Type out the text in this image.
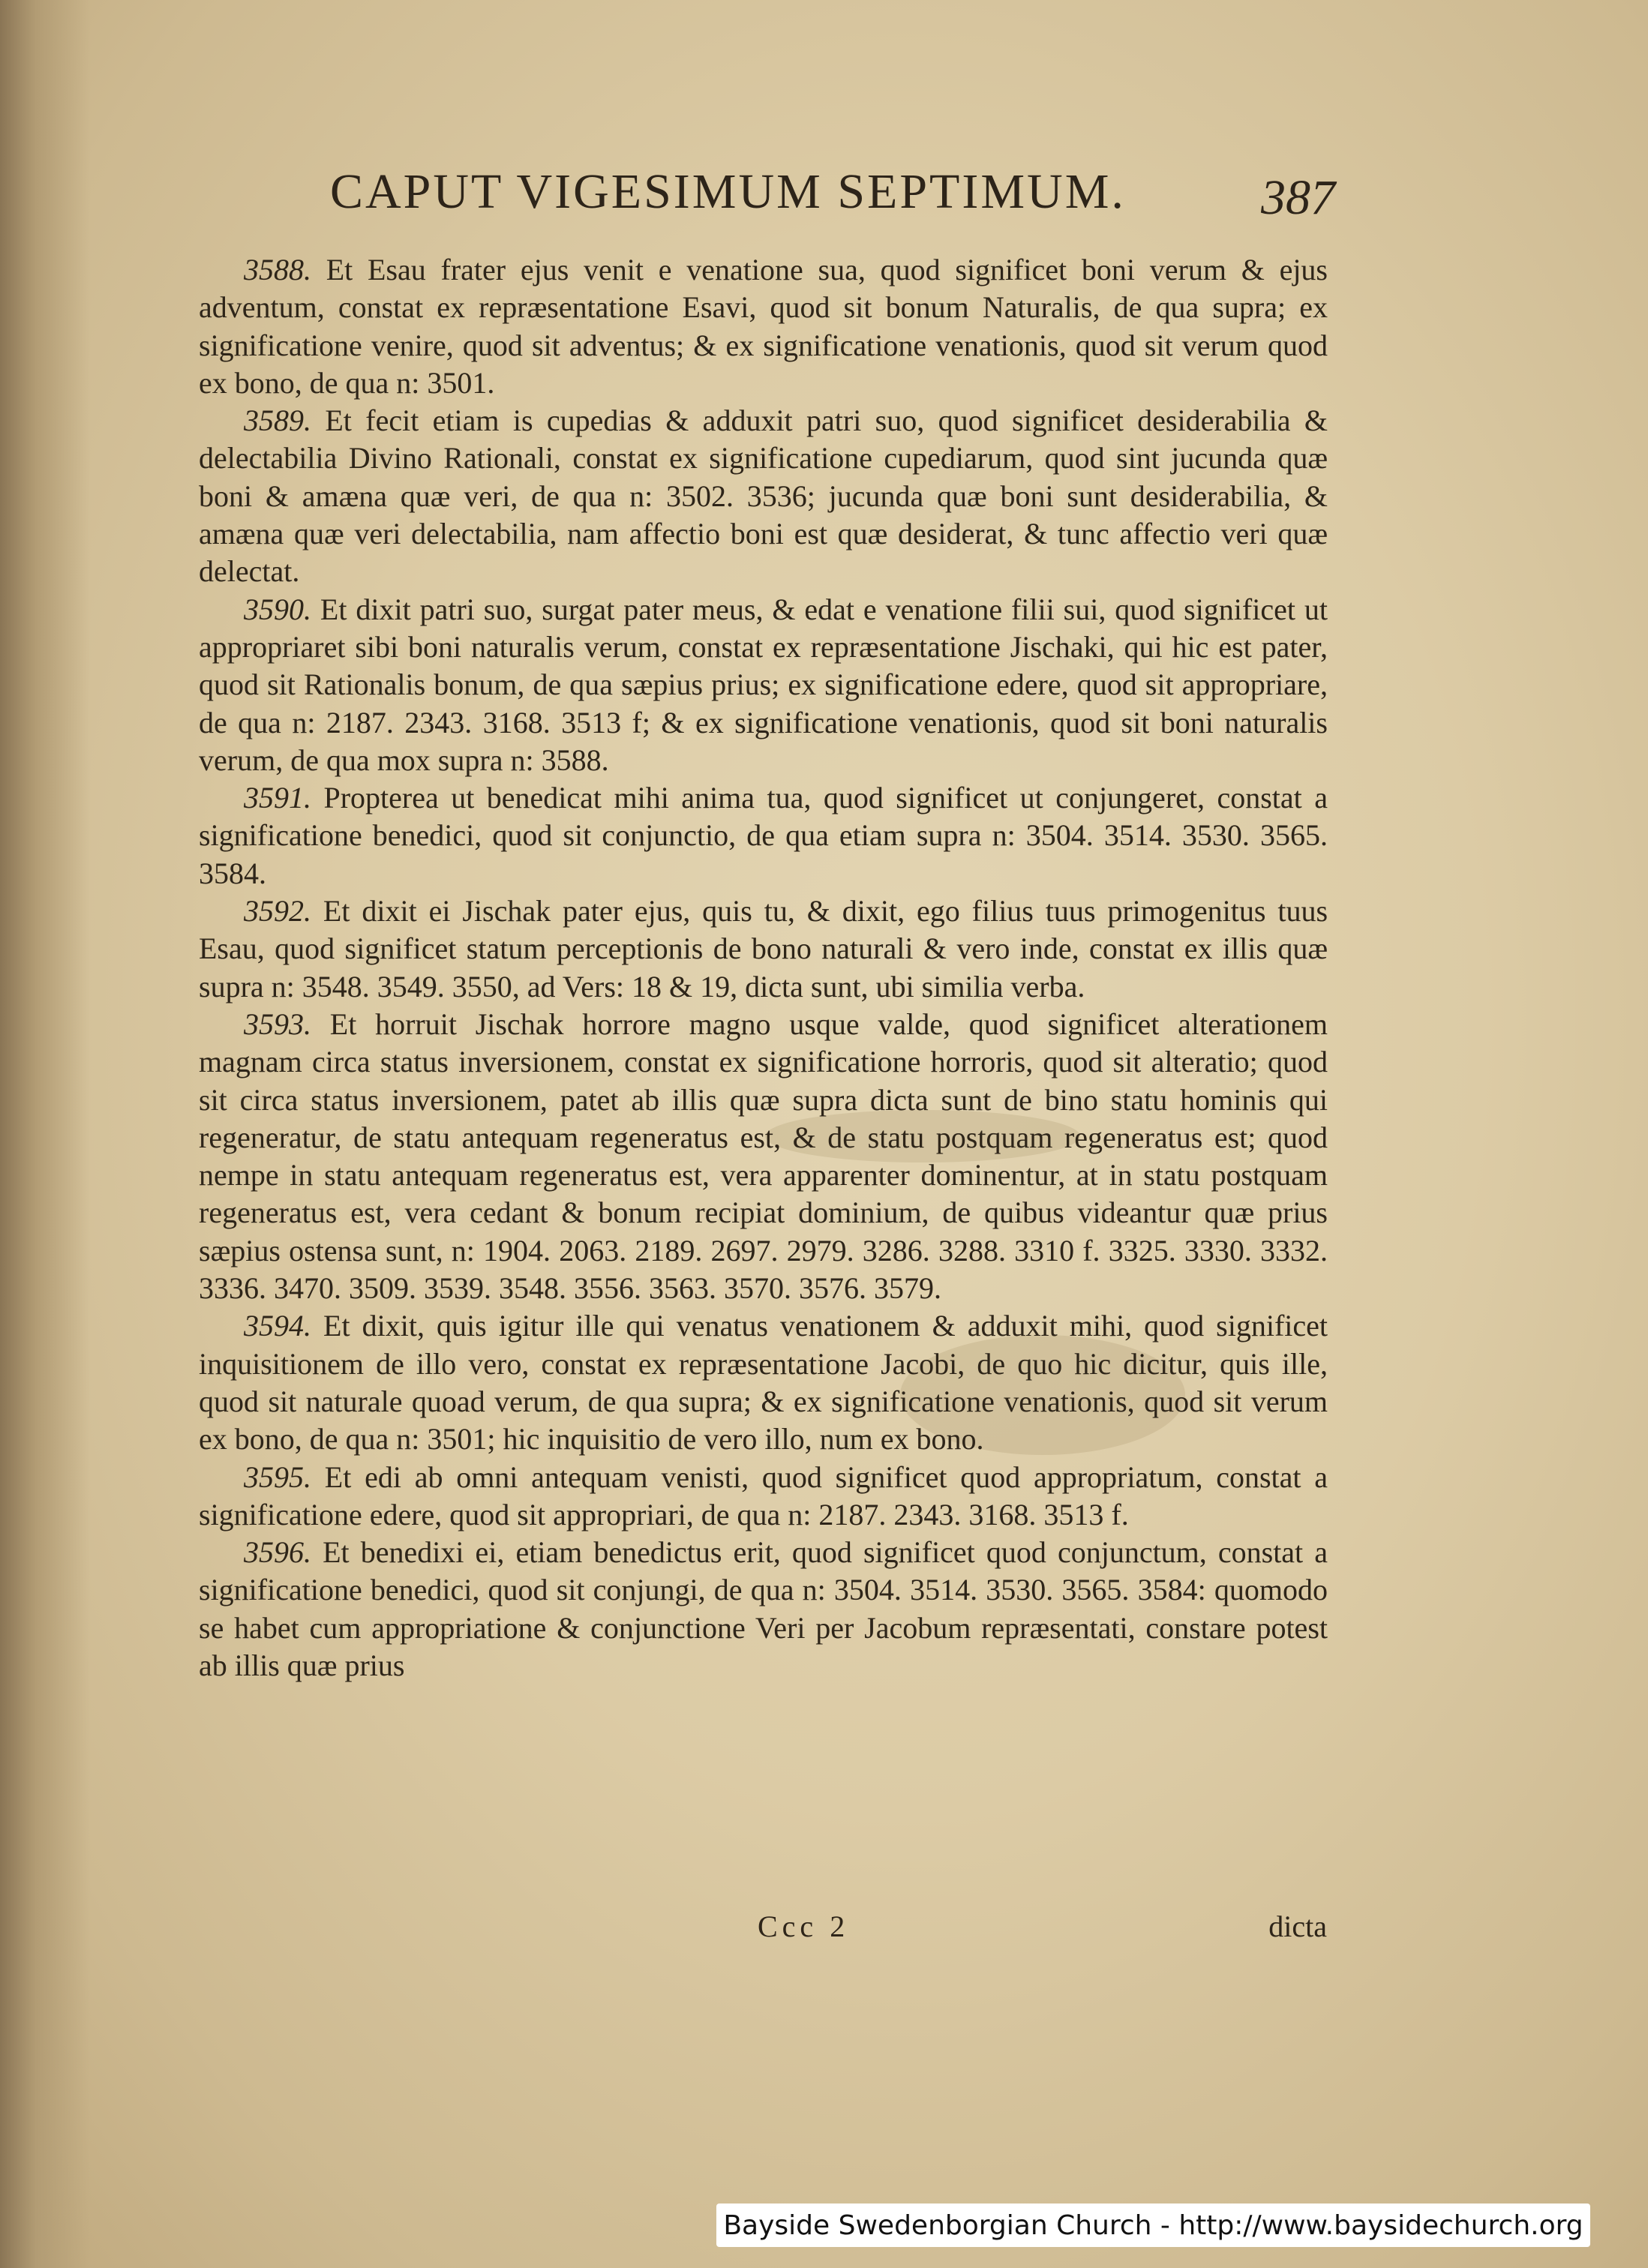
CAPUT VIGESIMUM SEPTIMUM.	387

3588. Et Esau frater ejus venit e venatione sua, quod significet boni verum & ejus adventum, constat ex repræsentatione Esavi, quod sit bonum Naturalis, de qua supra; ex significatione venire, quod sit adventus; & ex significatione venationis, quod sit verum quod ex bono, de qua n: 3501.

3589. Et fecit etiam is cupedias & adduxit patri suo, quod significet desiderabilia & delectabilia Divino Rationali, constat ex significatione cupediarum, quod sint jucunda quæ boni & amæna quæ veri, de qua n: 3502. 3536; jucunda quæ boni sunt desiderabilia, & amæna quæ veri delectabilia, nam affectio boni est quæ desiderat, & tunc affectio veri quæ delectat.

3590. Et dixit patri suo, surgat pater meus, & edat e venatione filii sui, quod significet ut appropriaret sibi boni naturalis verum, constat ex repræsentatione Jischaki, qui hic est pater, quod sit Rationalis bonum, de qua sæpius prius; ex significatione edere, quod sit appropriare, de qua n: 2187. 2343. 3168. 3513 f; & ex significatione venationis, quod sit boni naturalis verum, de qua mox supra n: 3588.

3591. Propterea ut benedicat mihi anima tua, quod significet ut conjungeret, constat a significatione benedici, quod sit conjunctio, de qua etiam supra n: 3504. 3514. 3530. 3565. 3584.

3592. Et dixit ei Jischak pater ejus, quis tu, & dixit, ego filius tuus primogenitus tuus Esau, quod significet statum perceptionis de bono naturali & vero inde, constat ex illis quæ supra n: 3548. 3549. 3550, ad Vers: 18 & 19, dicta sunt, ubi similia verba.

3593. Et horruit Jischak horrore magno usque valde, quod significet alterationem magnam circa status inversionem, constat ex significatione horroris, quod sit alteratio; quod sit circa status inversionem, patet ab illis quæ supra dicta sunt de bino statu hominis qui regeneratur, de statu antequam regeneratus est, & de statu postquam regeneratus est; quod nempe in statu antequam regeneratus est, vera apparenter dominentur, at in statu postquam regeneratus est, vera cedant & bonum recipiat dominium, de quibus videantur quæ prius sæpius ostensa sunt, n: 1904. 2063. 2189. 2697. 2979. 3286. 3288. 3310 f. 3325. 3330. 3332. 3336. 3470. 3509. 3539. 3548. 3556. 3563. 3570. 3576. 3579.

3594. Et dixit, quis igitur ille qui venatus venationem & adduxit mihi, quod significet inquisitionem de illo vero, constat ex repræsentatione Jacobi, de quo hic dicitur, quis ille, quod sit naturale quoad verum, de qua supra; & ex significatione venationis, quod sit verum ex bono, de qua n: 3501; hic inquisitio de vero illo, num ex bono.

3595. Et edi ab omni antequam venisti, quod significet quod appropriatum, constat a significatione edere, quod sit appropriari, de qua n: 2187. 2343. 3168. 3513 f.

3596. Et benedixi ei, etiam benedictus erit, quod significet quod conjunctum, constat a significatione benedici, quod sit conjungi, de qua n: 3504. 3514. 3530. 3565. 3584: quomodo se habet cum appropriatione & conjunctione Veri per Jacobum repræsentati, constare potest ab illis quæ prius

Ccc 2	dicta
Bayside Swedenborgian Church - http://www.baysidechurch.org
